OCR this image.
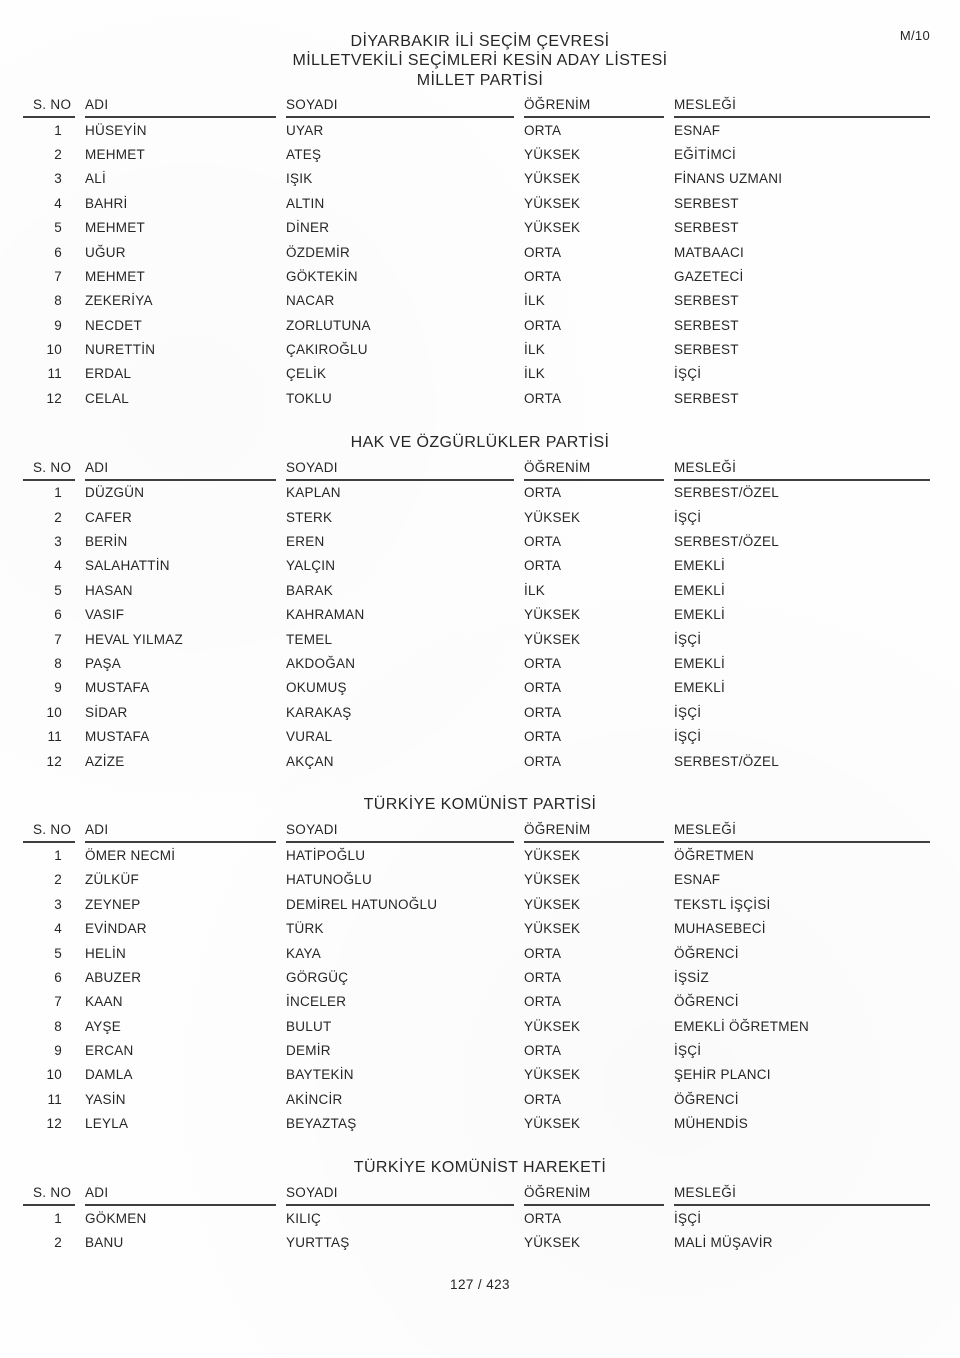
M/10
DİYARBAKIR İLİ SEÇİM ÇEVRESİ
MİLLETVEKİLİ SEÇİMLERİ KESİN ADAY LİSTESİ
MİLLET PARTİSİ
S. NO	ADI	SOYADI	ÖĞRENİM	MESLEĞİ
1	HÜSEYİN	UYAR	ORTA	ESNAF
2	MEHMET	ATEŞ	YÜKSEK	EĞİTİMCİ
3	ALİ	IŞIK	YÜKSEK	FİNANS UZMANI
4	BAHRİ	ALTIN	YÜKSEK	SERBEST
5	MEHMET	DİNER	YÜKSEK	SERBEST
6	UĞUR	ÖZDEMİR	ORTA	MATBAACI
7	MEHMET	GÖKTEKİN	ORTA	GAZETECİ
8	ZEKERİYA	NACAR	İLK	SERBEST
9	NECDET	ZORLUTUNA	ORTA	SERBEST
10	NURETTİN	ÇAKIROĞLU	İLK	SERBEST
11	ERDAL	ÇELİK	İLK	İŞÇİ
12	CELAL	TOKLU	ORTA	SERBEST
HAK VE ÖZGÜRLÜKLER PARTİSİ
S. NO	ADI	SOYADI	ÖĞRENİM	MESLEĞİ
1	DÜZGÜN	KAPLAN	ORTA	SERBEST/ÖZEL
2	CAFER	STERK	YÜKSEK	İŞÇİ
3	BERİN	EREN	ORTA	SERBEST/ÖZEL
4	SALAHATTİN	YALÇIN	ORTA	EMEKLİ
5	HASAN	BARAK	İLK	EMEKLİ
6	VASIF	KAHRAMAN	YÜKSEK	EMEKLİ
7	HEVAL YILMAZ	TEMEL	YÜKSEK	İŞÇİ
8	PAŞA	AKDOĞAN	ORTA	EMEKLİ
9	MUSTAFA	OKUMUŞ	ORTA	EMEKLİ
10	SİDAR	KARAKAŞ	ORTA	İŞÇİ
11	MUSTAFA	VURAL	ORTA	İŞÇİ
12	AZİZE	AKÇAN	ORTA	SERBEST/ÖZEL
TÜRKİYE KOMÜNİST PARTİSİ
S. NO	ADI	SOYADI	ÖĞRENİM	MESLEĞİ
1	ÖMER NECMİ	HATİPOĞLU	YÜKSEK	ÖĞRETMEN
2	ZÜLKÜF	HATUNOĞLU	YÜKSEK	ESNAF
3	ZEYNEP	DEMİREL HATUNOĞLU	YÜKSEK	TEKSTL İŞÇİSİ
4	EVİNDAR	TÜRK	YÜKSEK	MUHASEBECİ
5	HELİN	KAYA	ORTA	ÖĞRENCİ
6	ABUZER	GÖRGÜÇ	ORTA	İŞSİZ
7	KAAN	İNCELER	ORTA	ÖĞRENCİ
8	AYŞE	BULUT	YÜKSEK	EMEKLİ ÖĞRETMEN
9	ERCAN	DEMİR	ORTA	İŞÇİ
10	DAMLA	BAYTEKİN	YÜKSEK	ŞEHİR PLANCI
11	YASİN	AKİNCİR	ORTA	ÖĞRENCİ
12	LEYLA	BEYAZTAŞ	YÜKSEK	MÜHENDİS
TÜRKİYE KOMÜNİST HAREKETİ
S. NO	ADI	SOYADI	ÖĞRENİM	MESLEĞİ
1	GÖKMEN	KILIÇ	ORTA	İŞÇİ
2	BANU	YURTTAŞ	YÜKSEK	MALİ MÜŞAVİR
127 / 423
